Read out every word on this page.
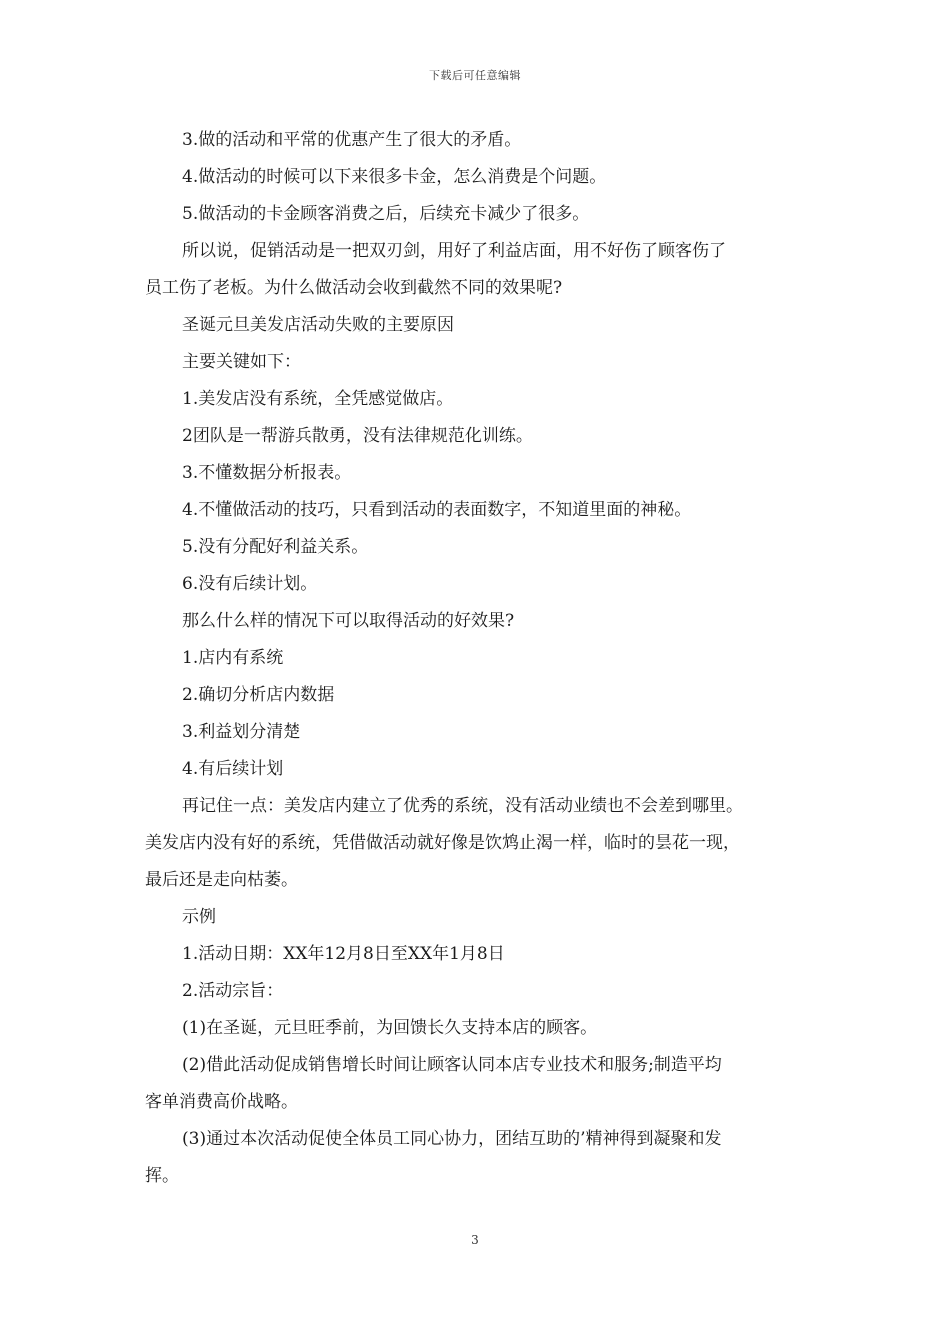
下载后可任意编辑
3.做的活动和平常的优惠产生了很大的矛盾。
4.做活动的时候可以下来很多卡金，怎么消费是个问题。
5.做活动的卡金顾客消费之后，后续充卡减少了很多。
所以说，促销活动是一把双刃剑，用好了利益店面，用不好伤了顾客伤了
员工伤了老板。为什么做活动会收到截然不同的效果呢?
圣诞元旦美发店活动失败的主要原因
主要关键如下：
1.美发店没有系统，全凭感觉做店。
2团队是一帮游兵散勇，没有法律规范化训练。
3.不懂数据分析报表。
4.不懂做活动的技巧，只看到活动的表面数字，不知道里面的神秘。
5.没有分配好利益关系。
6.没有后续计划。
那么什么样的情况下可以取得活动的好效果?
1.店内有系统
2.确切分析店内数据
3.利益划分清楚
4.有后续计划
再记住一点：美发店内建立了优秀的系统，没有活动业绩也不会差到哪里。
美发店内没有好的系统，凭借做活动就好像是饮鸩止渴一样，临时的昙花一现，
最后还是走向枯萎。
示例
1.活动日期：XX年12月8日至XX年1月8日
2.活动宗旨：
(1)在圣诞，元旦旺季前，为回馈长久支持本店的顾客。
(2)借此活动促成销售增长时间让顾客认同本店专业技术和服务;制造平均
客单消费高价战略。
(3)通过本次活动促使全体员工同心协力，团结互助的’精神得到凝聚和发
挥。
3
